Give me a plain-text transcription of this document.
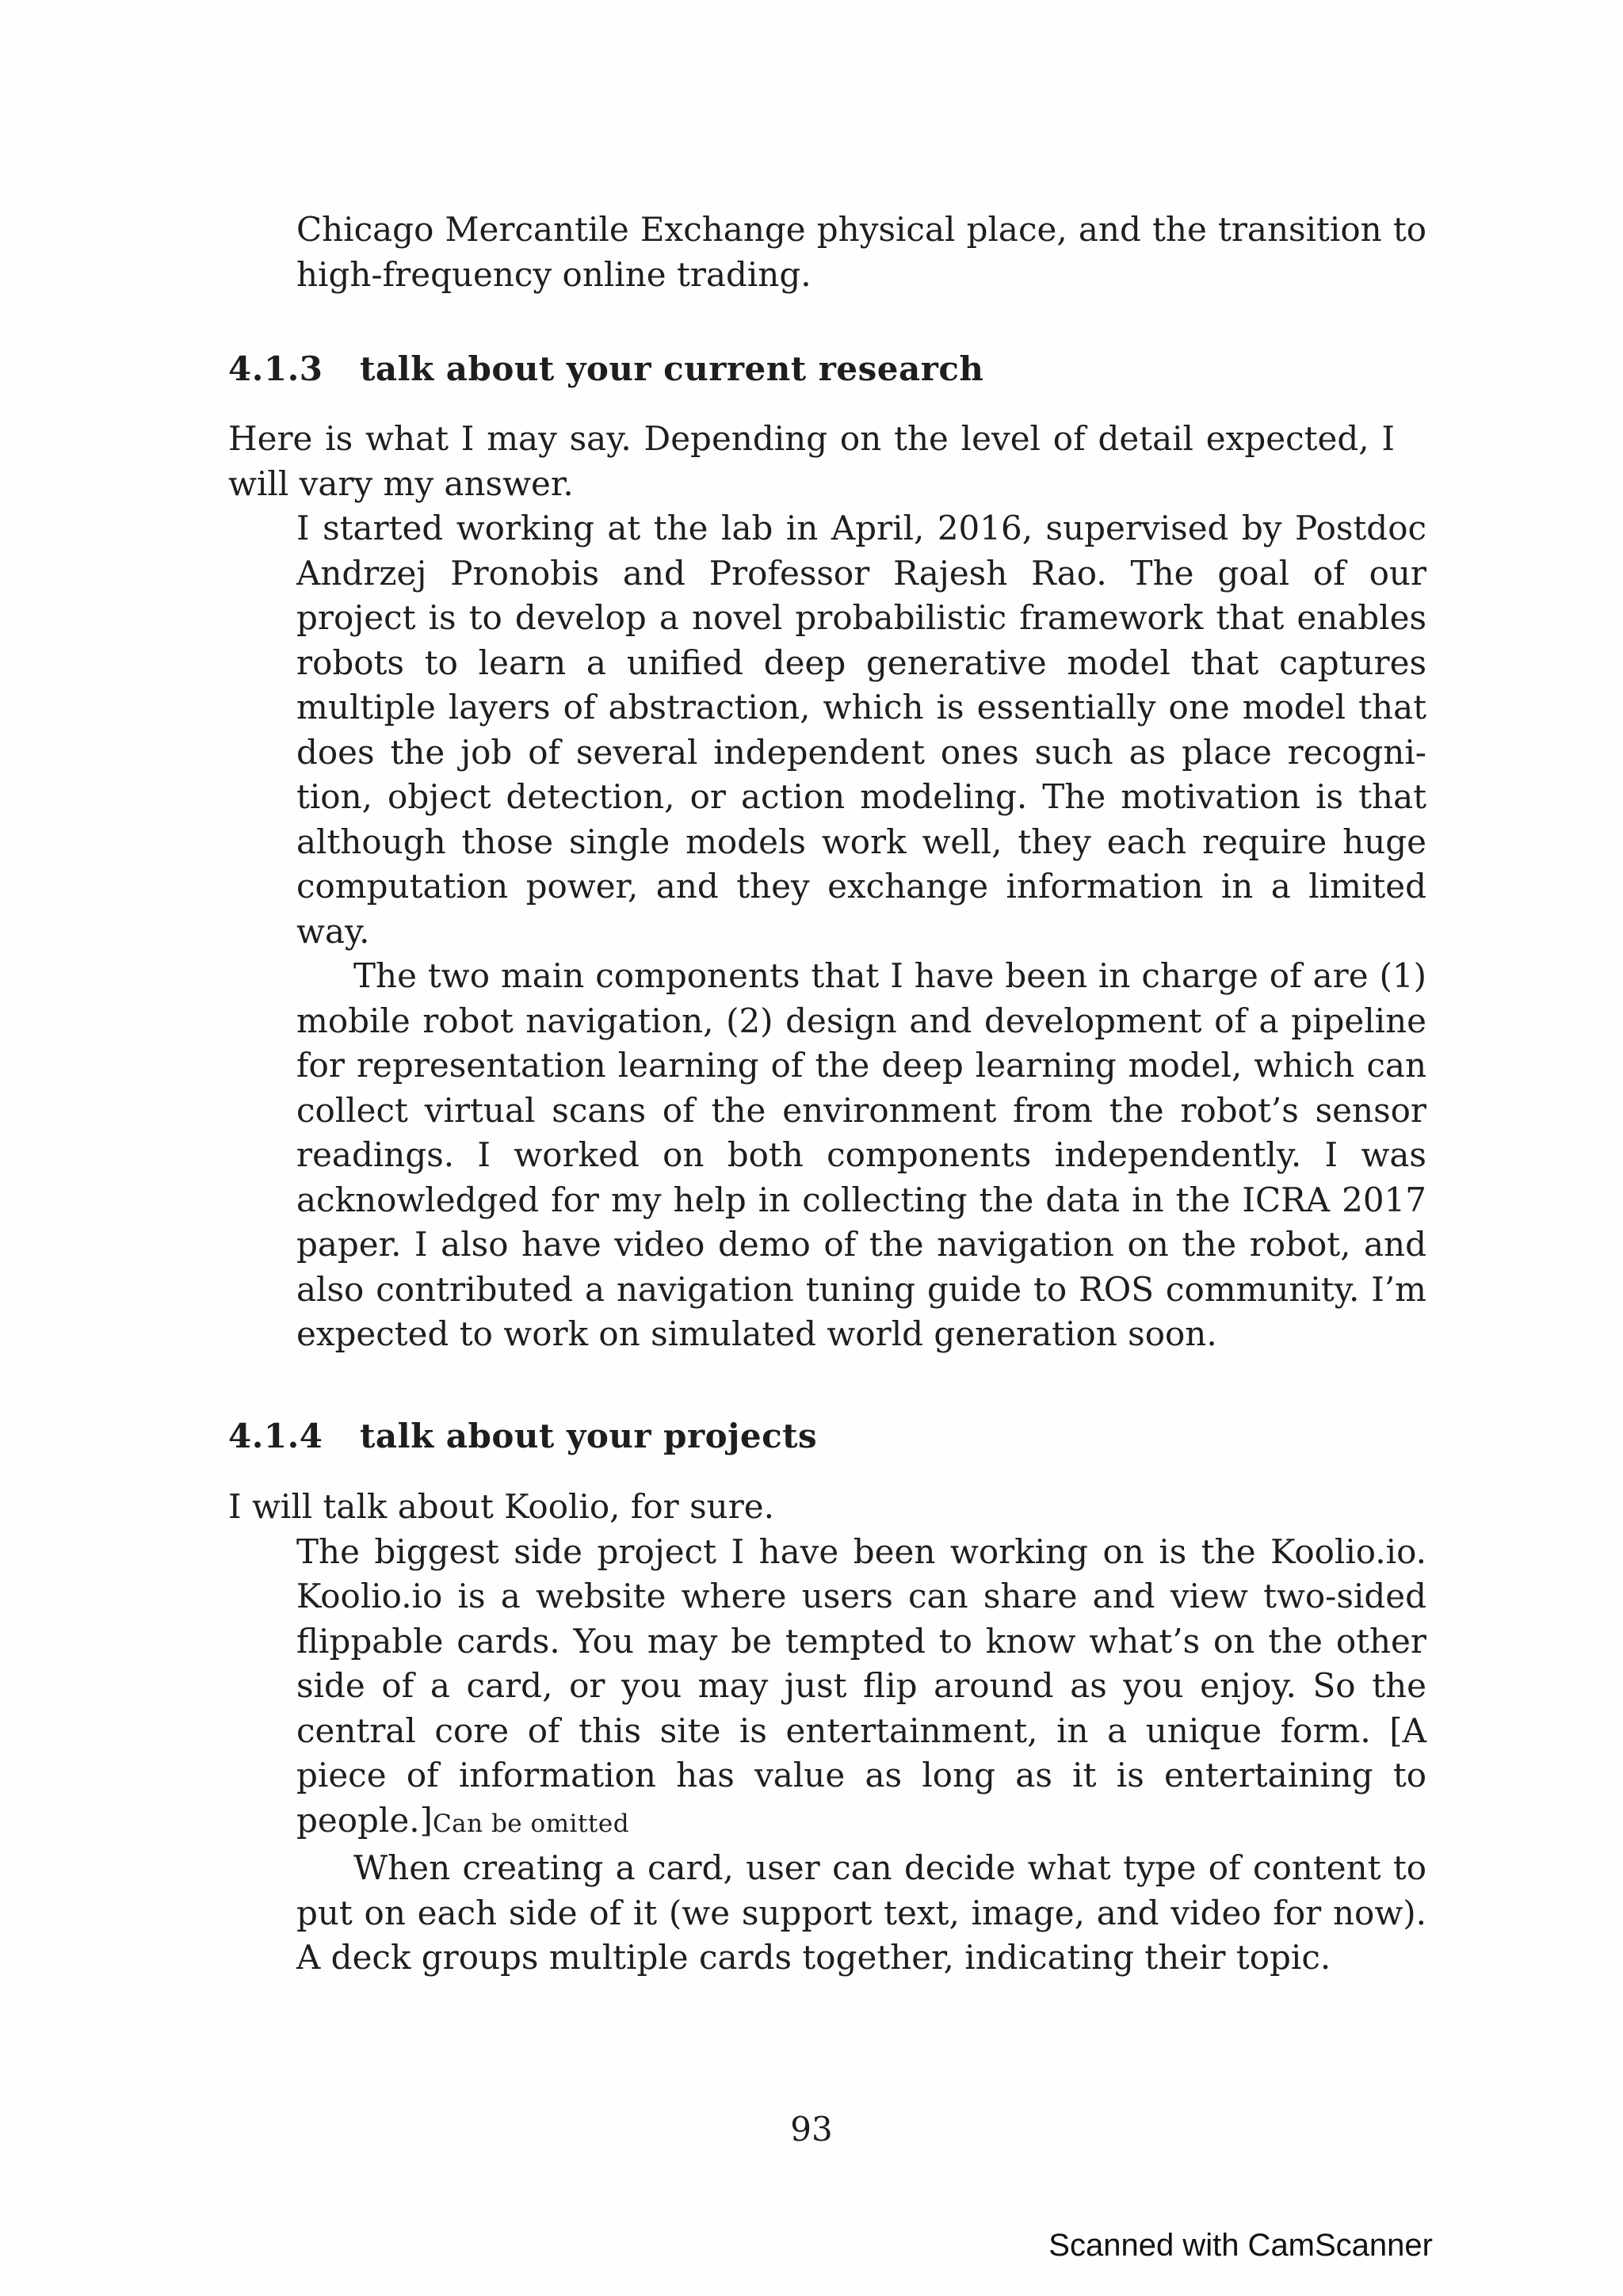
Chicago Mercantile Exchange physical place, and the transition to high-frequency online trading.

4.1.3 talk about your current research

Here is what I may say. Depending on the level of detail expected, I will vary my answer.

I started working at the lab in April, 2016, supervised by Postdoc Andrzej Pronobis and Professor Rajesh Rao. The goal of our project is to develop a novel probabilistic framework that enables robots to learn a unified deep generative model that captures multiple layers of abstraction, which is essentially one model that does the job of several independent ones such as place recognition, object detection, or action modeling. The motivation is that although those single models work well, they each require huge computation power, and they exchange information in a limited way.

The two main components that I have been in charge of are (1) mobile robot navigation, (2) design and development of a pipeline for representation learning of the deep learning model, which can collect virtual scans of the environment from the robot’s sensor readings. I worked on both components independently. I was acknowledged for my help in collecting the data in the ICRA 2017 paper. I also have video demo of the navigation on the robot, and also contributed a navigation tuning guide to ROS community. I’m expected to work on simulated world generation soon.

4.1.4 talk about your projects

I will talk about Koolio, for sure.

The biggest side project I have been working on is the Koolio.io. Koolio.io is a website where users can share and view two-sided flippable cards. You may be tempted to know what’s on the other side of a card, or you may just flip around as you enjoy. So the central core of this site is entertainment, in a unique form. [A piece of information has value as long as it is entertaining to people.]Can be omitted

When creating a card, user can decide what type of content to put on each side of it (we support text, image, and video for now). A deck groups multiple cards together, indicating their topic.

93
Scanned with CamScanner
